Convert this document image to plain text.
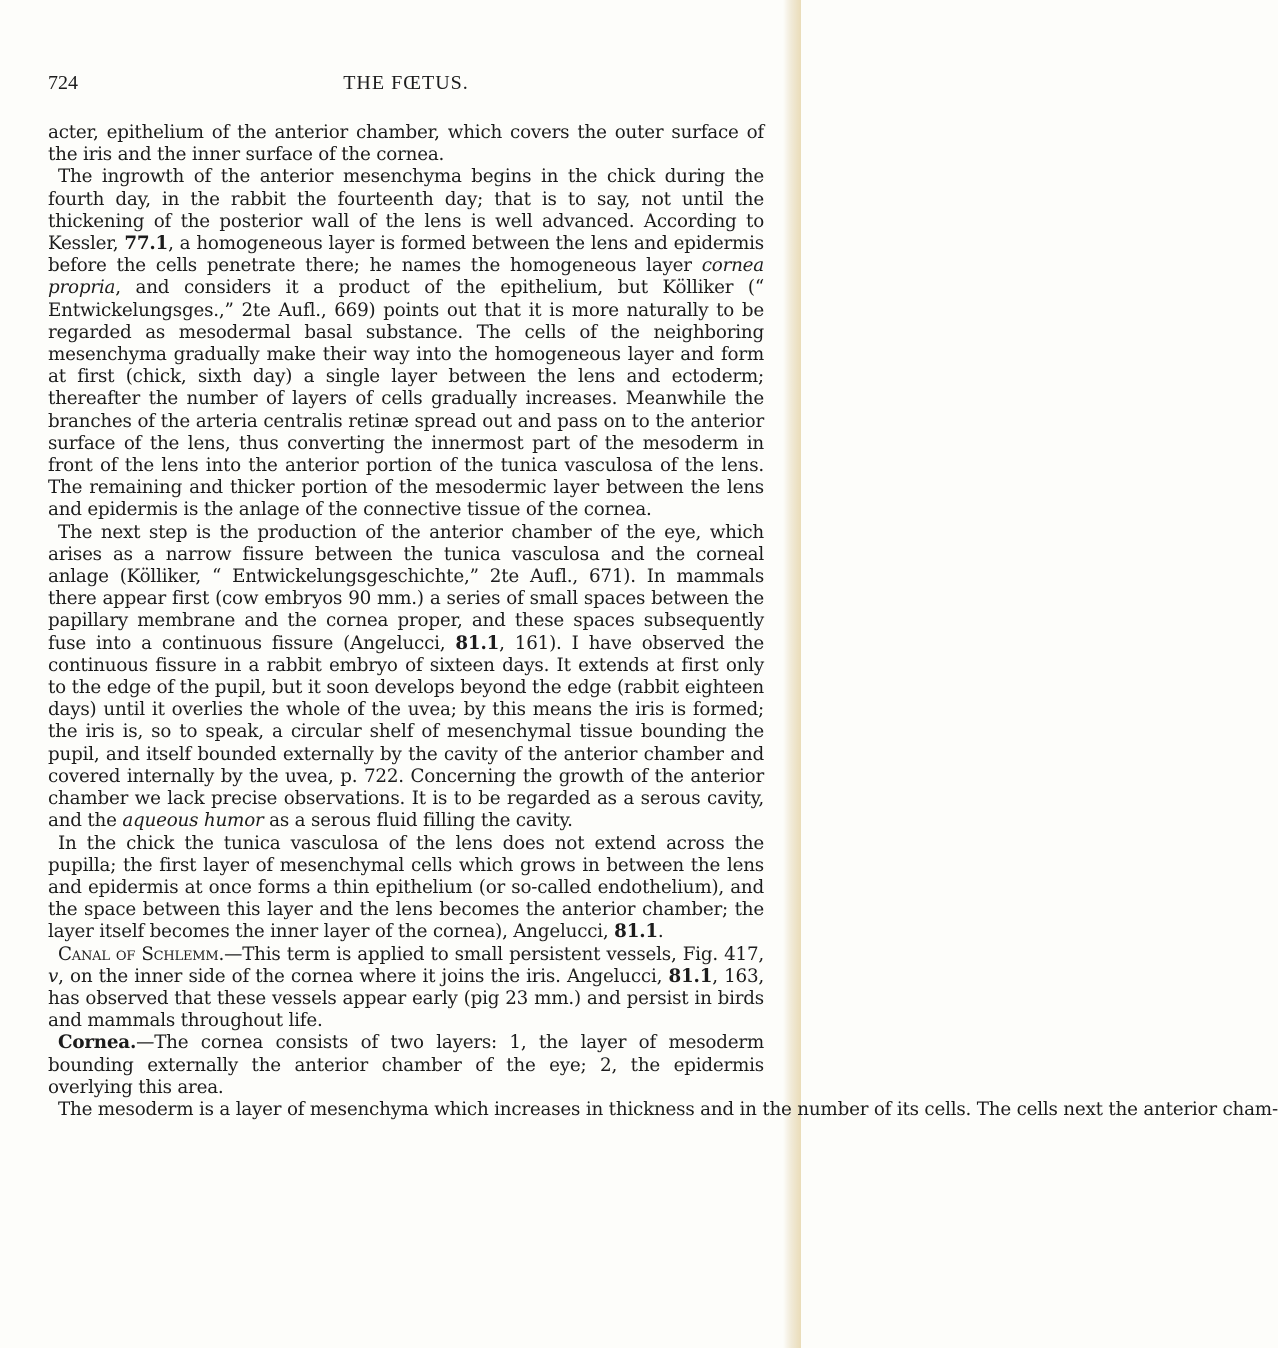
724	THE FŒTUS.

acter, epithelium of the anterior chamber, which covers the outer surface of the iris and the inner surface of the cornea.

The ingrowth of the anterior mesenchyma begins in the chick during the fourth day, in the rabbit the fourteenth day; that is to say, not until the thickening of the posterior wall of the lens is well advanced. According to Kessler, 77.1, a homogeneous layer is formed between the lens and epidermis before the cells penetrate there; he names the homogeneous layer cornea propria, and considers it a product of the epithelium, but Kölliker (“ Entwickelungsges.,” 2te Aufl., 669) points out that it is more naturally to be regarded as mesodermal basal substance. The cells of the neighboring mesenchyma gradually make their way into the homogeneous layer and form at first (chick, sixth day) a single layer between the lens and ectoderm; thereafter the number of layers of cells gradually increases. Meanwhile the branches of the arteria centralis retinæ spread out and pass on to the anterior surface of the lens, thus converting the innermost part of the mesoderm in front of the lens into the anterior portion of the tunica vasculosa of the lens. The remaining and thicker portion of the mesodermic layer between the lens and epidermis is the anlage of the connective tissue of the cornea.

The next step is the production of the anterior chamber of the eye, which arises as a narrow fissure between the tunica vasculosa and the corneal anlage (Kölliker, “ Entwickelungsgeschichte,” 2te Aufl., 671). In mammals there appear first (cow embryos 90 mm.) a series of small spaces between the papillary membrane and the cornea proper, and these spaces subsequently fuse into a continuous fissure (Angelucci, 81.1, 161). I have observed the continuous fissure in a rabbit embryo of sixteen days. It extends at first only to the edge of the pupil, but it soon develops beyond the edge (rabbit eighteen days) until it overlies the whole of the uvea; by this means the iris is formed; the iris is, so to speak, a circular shelf of mesenchymal tissue bounding the pupil, and itself bounded externally by the cavity of the anterior chamber and covered internally by the uvea, p. 722. Concerning the growth of the anterior chamber we lack precise observations. It is to be regarded as a serous cavity, and the aqueous humor as a serous fluid filling the cavity.

In the chick the tunica vasculosa of the lens does not extend across the pupilla; the first layer of mesenchymal cells which grows in between the lens and epidermis at once forms a thin epithelium (or so-called endothelium), and the space between this layer and the lens becomes the anterior chamber; the layer itself becomes the inner layer of the cornea), Angelucci, 81.1.

Canal of Schlemm.—This term is applied to small persistent vessels, Fig. 417, v, on the inner side of the cornea where it joins the iris. Angelucci, 81.1, 163, has observed that these vessels appear early (pig 23 mm.) and persist in birds and mammals throughout life.

Cornea.—The cornea consists of two layers: 1, the layer of mesoderm bounding externally the anterior chamber of the eye; 2, the epidermis overlying this area.

The mesoderm is a layer of mesenchyma which increases in thickness and in the number of its cells. The cells next the anterior cham-
